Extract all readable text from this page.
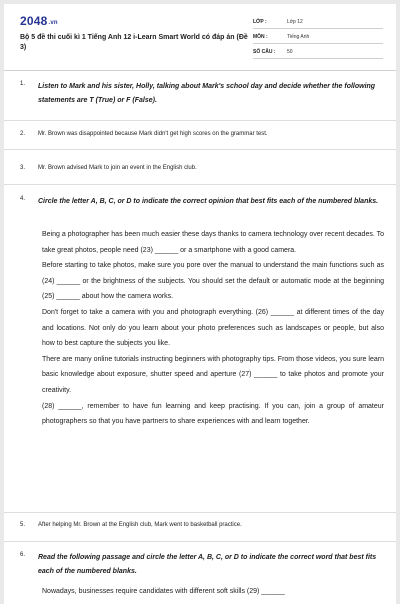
2048.vn
Bộ 5 đề thi cuối kì 1 Tiếng Anh 12 i-Learn Smart World có đáp án (Đề 3)
LỚP :	Lớp 12
MÔN :	Tiếng Anh
SỐ CÂU : 50
1. Listen to Mark and his sister, Holly, talking about Mark's school day and decide whether the following statements are T (True) or F (False).
2. Mr. Brown was disappointed because Mark didn't get high scores on the grammar test.
3. Mr. Brown advised Mark to join an event in the English club.
4. Circle the letter A, B, C, or D to indicate the correct opinion that best fits each of the numbered blanks.

Being a photographer has been much easier these days thanks to camera technology over recent decades. To take great photos, people need (23) ______ or a smartphone with a good camera.

Before starting to take photos, make sure you pore over the manual to understand the main functions such as (24) ______ or the brightness of the subjects. You should set the default or automatic mode at the beginning (25) ______ about how the camera works.

Don't forget to take a camera with you and photograph everything. (26) ______ at different times of the day and locations. Not only do you learn about your photo preferences such as landscapes or people, but also how to best capture the subjects you like.

There are many online tutorials instructing beginners with photography tips. From those videos, you sure learn basic knowledge about exposure, shutter speed and aperture (27) ______ to take photos and promote your creativity.

(28) ______, remember to have fun learning and keep practising. If you can, join a group of amateur photographers so that you have partners to share experiences with and learn together.

5. After helping Mr. Brown at the English club, Mark went to basketball practice.
6. Read the following passage and circle the letter A, B, C, or D to indicate the correct word that best fits each of the numbered blanks.

Nowadays, businesses require candidates with different soft skills (29) ______
